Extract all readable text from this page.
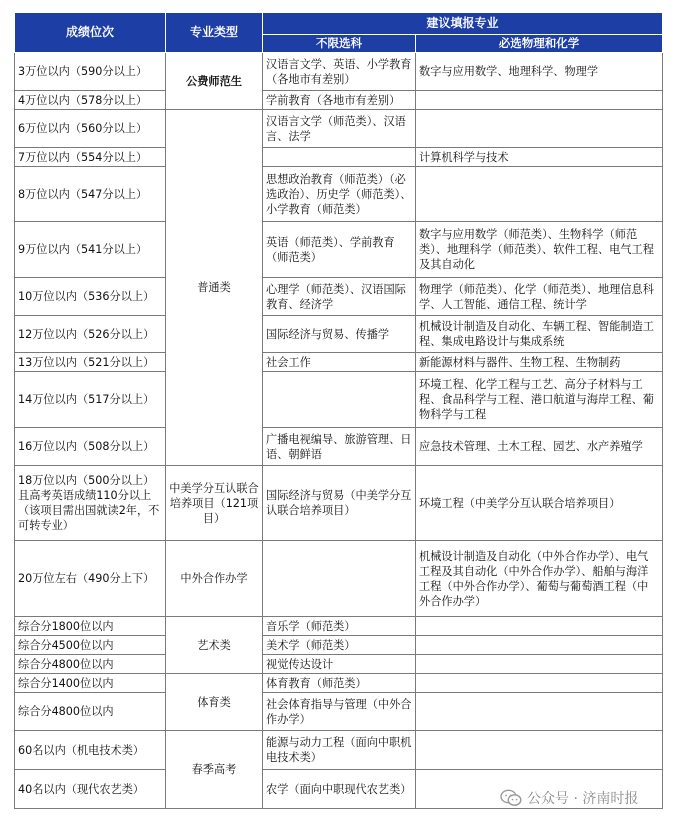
成绩位次	专业类型	建议填报专业	
		不限选科	必选物理和化学
3万位以内（590分以上）	公费师范生	汉语言文学、英语、小学教育（各地市有差别）	数字与应用数学、地理科学、物理学
4万位以内（578分以上）		学前教育（各地市有差别）	
6万位以内（560分以上）	普通类	汉语言文学（师范类）、汉语言、法学	
7万位以内（554分以上）			计算机科学与技术
8万位以内（547分以上）		思想政治教育（师范类）（必选政治）、历史学（师范类）、小学教育（师范类）	
9万位以内（541分以上）		英语（师范类）、学前教育（师范类）	数字与应用数学（师范类）、生物科学（师范类）、地理科学（师范类）、软件工程、电气工程及其自动化
10万位以内（536分以上）		心理学（师范类）、汉语国际教育、经济学	物理学（师范类）、化学（师范类）、地理信息科学、人工智能、通信工程、统计学
12万位以内（526分以上）		国际经济与贸易、传播学	机械设计制造及自动化、车辆工程、智能制造工程、集成电路设计与集成系统
13万位以内（521分以上）		社会工作	新能源材料与器件、生物工程、生物制药
14万位以内（517分以上）			环境工程、化学工程与工艺、高分子材料与工程、食品科学与工程、港口航道与海岸工程、葡物科学与工程
16万位以内（508分以上）		广播电视编导、旅游管理、日语、朝鲜语	应急技术管理、土木工程、园艺、水产养殖学
18万位以内（500分以上）且高考英语成绩110分以上（该项目需出国就读2年，不可转专业）	中美学分互认联合培养项目（121项目）	国际经济与贸易（中美学分互认联合培养项目）	环境工程（中美学分互认联合培养项目）
20万位左右（490分上下）	中外合作办学		机械设计制造及自动化（中外合作办学）、电气工程及其自动化（中外合作办学）、船舶与海洋工程（中外合作办学）、葡萄与葡萄酒工程（中外合作办学）
综合分1800位以内	艺术类	音乐学（师范类）	
综合分4500位以内		美术学（师范类）	
综合分4800位以内		视觉传达设计	
综合分1400位以内	体育类	体育教育（师范类）	
综合分4800位以内		社会体育指导与管理（中外合作办学）	
60名以内（机电技术类）	春季高考	能源与动力工程（面向中职机电技术类）	
40名以内（现代农艺类）		农学（面向中职现代农艺类）	
公众号 · 济南时报
